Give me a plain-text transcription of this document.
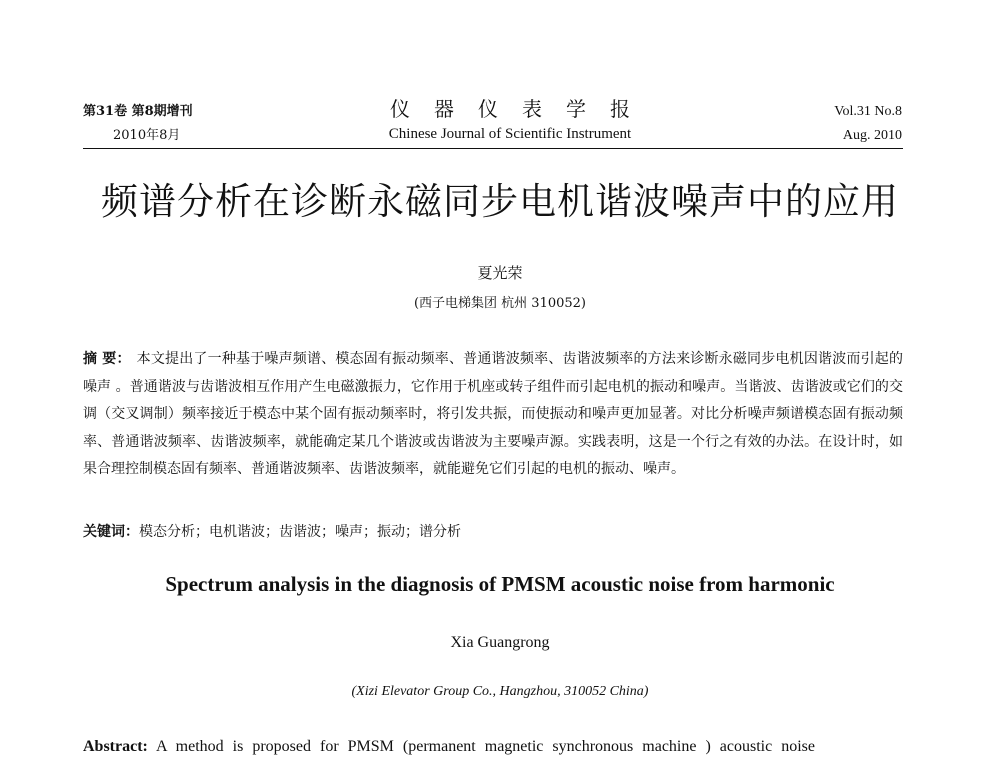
第31卷 第8期增刊
2010年8月
仪器仪表学报
Chinese Journal of Scientific Instrument
Vol.31 No.8
Aug. 2010
频谱分析在诊断永磁同步电机谐波噪声中的应用
夏光荣
(西子电梯集团 杭州 310052)
摘 要： 本文提出了一种基于噪声频谱、模态固有振动频率、普通谐波频率、齿谐波频率的方法来诊断永磁同步电机因谐波而引起的噪声 。普通谐波与齿谐波相互作用产生电磁激振力，它作用于机座或转子组件而引起电机的振动和噪声。当谐波、齿谐波或它们的交调（交叉调制）频率接近于模态中某个固有振动频率时，将引发共振，而使振动和噪声更加显著。对比分析噪声频谱模态固有振动频率、普通谐波频率、齿谐波频率，就能确定某几个谐波或齿谐波为主要噪声源。实践表明，这是一个行之有效的办法。在设计时，如果合理控制模态固有频率、普通谐波频率、齿谐波频率，就能避免它们引起的电机的振动、噪声。
关键词：模态分析；电机谐波；齿谐波；噪声；振动；谱分析
Spectrum analysis in the diagnosis of PMSM acoustic noise from harmonic
Xia Guangrong
(Xizi Elevator Group Co., Hangzhou, 310052 China)
Abstract: A method is proposed for PMSM (permanent magnetic synchronous machine ) acoustic noise
